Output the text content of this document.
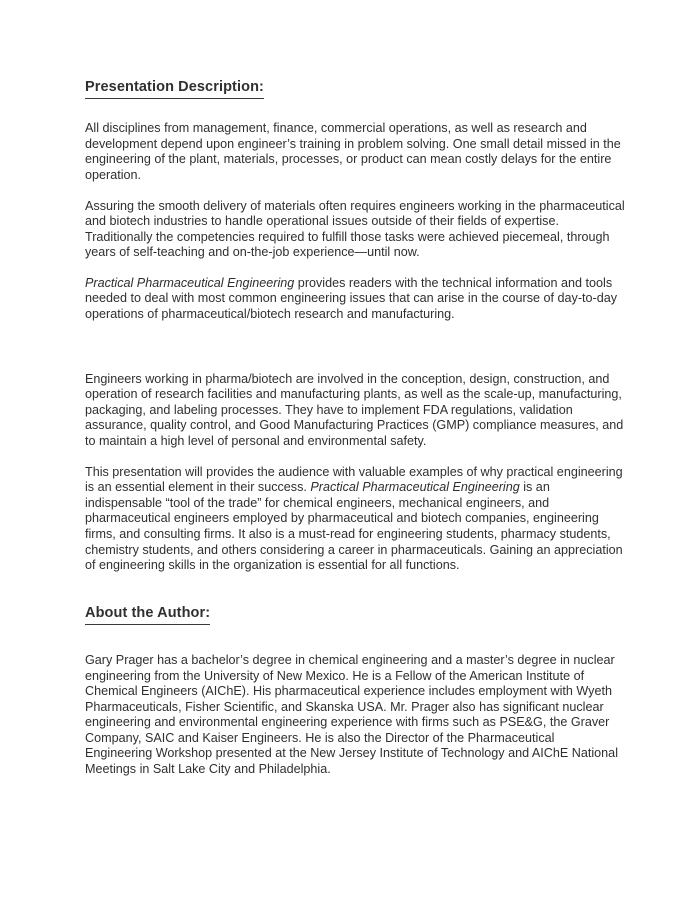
Presentation Description:

All disciplines from management, finance, commercial operations, as well as research and development depend upon engineer’s training in problem solving. One small detail missed in the engineering of the plant, materials, processes, or product can mean costly delays for the entire operation.

Assuring the smooth delivery of materials often requires engineers working in the pharmaceutical and biotech industries to handle operational issues outside of their fields of expertise. Traditionally the competencies required to fulfill those tasks were achieved piecemeal, through years of self-teaching and on-the-job experience—until now.

Practical Pharmaceutical Engineering provides readers with the technical information and tools needed to deal with most common engineering issues that can arise in the course of day-to-day operations of pharmaceutical/biotech research and manufacturing.

Engineers working in pharma/biotech are involved in the conception, design, construction, and operation of research facilities and manufacturing plants, as well as the scale-up, manufacturing, packaging, and labeling processes. They have to implement FDA regulations, validation assurance, quality control, and Good Manufacturing Practices (GMP) compliance measures, and to maintain a high level of personal and environmental safety.

This presentation will provides the audience with valuable examples of why practical engineering is an essential element in their success. Practical Pharmaceutical Engineering is an indispensable “tool of the trade” for chemical engineers, mechanical engineers, and pharmaceutical engineers employed by pharmaceutical and biotech companies, engineering firms, and consulting firms. It also is a must-read for engineering students, pharmacy students, chemistry students, and others considering a career in pharmaceuticals. Gaining an appreciation of engineering skills in the organization is essential for all functions.

About the Author:

Gary Prager has a bachelor’s degree in chemical engineering and a master’s degree in nuclear engineering from the University of New Mexico. He is a Fellow of the American Institute of Chemical Engineers (AIChE). His pharmaceutical experience includes employment with Wyeth Pharmaceuticals, Fisher Scientific, and Skanska USA. Mr. Prager also has significant nuclear engineering and environmental engineering experience with firms such as PSE&G, the Graver Company, SAIC and Kaiser Engineers. He is also the Director of the Pharmaceutical Engineering Workshop presented at the New Jersey Institute of Technology and AIChE National Meetings in Salt Lake City and Philadelphia.
